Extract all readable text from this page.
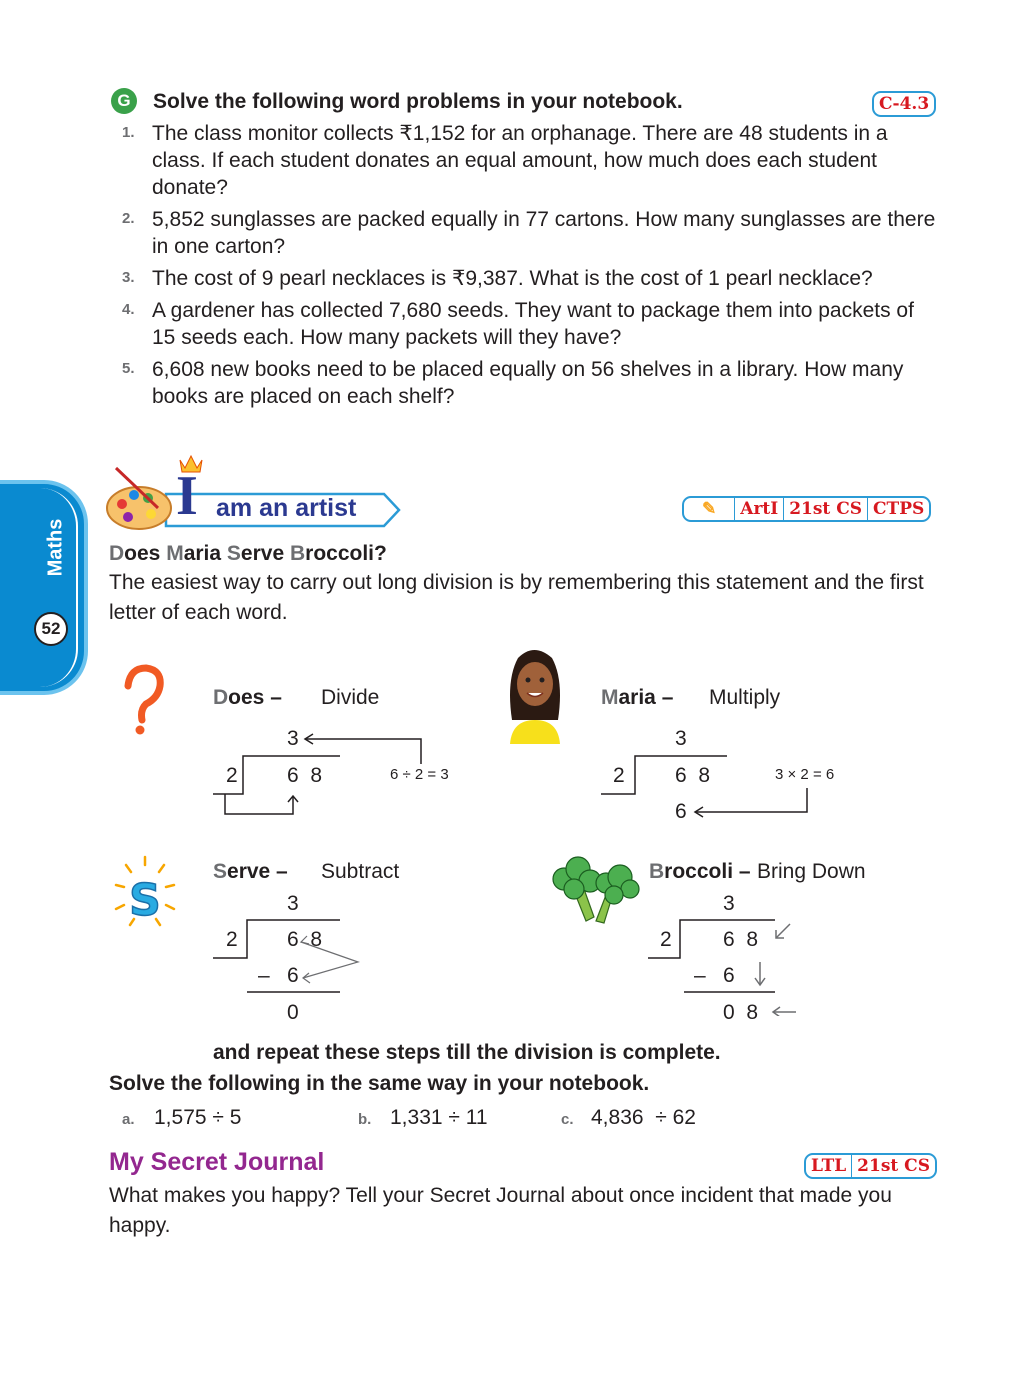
G	Solve the following word problems in your notebook.	C-4.3
1. The class monitor collects ₹1,152 for an orphanage. There are 48 students in a class. If each student donates an equal amount, how much does each student donate?
2. 5,852 sunglasses are packed equally in 77 cartons. How many sunglasses are there in one carton?
3. The cost of 9 pearl necklaces is ₹9,387. What is the cost of 1 pearl necklace?
4. A gardener has collected 7,680 seeds. They want to package them into packets of 15 seeds each. How many packets will they have?
5. 6,608 new books need to be placed equally on 56 shelves in a library. How many books are placed on each shelf?
Maths
52
I am an artist	✎	ArtI 21st CS CTPS
Does Maria Serve Broccoli?
The easiest way to carry out long division is by remembering this statement and the first letter of each word.
Does – Divide
3
2 6  8	6 ÷ 2 = 3
Maria – Multiply
3
2 6  8
6
3 × 2 = 6
S
Serve – Subtract
3
2 6  8
– 6
0
Broccoli – Bring Down
3
2 6  8
– 6
0  8
and repeat these steps till the division is complete.
Solve the following in the same way in your notebook.
a. 1,575 ÷ 5	b. 1,331 ÷ 11	c. 4,836  ÷ 62
My Secret Journal	LTL 21st CS
What makes you happy? Tell your Secret Journal about once incident that made you happy.
